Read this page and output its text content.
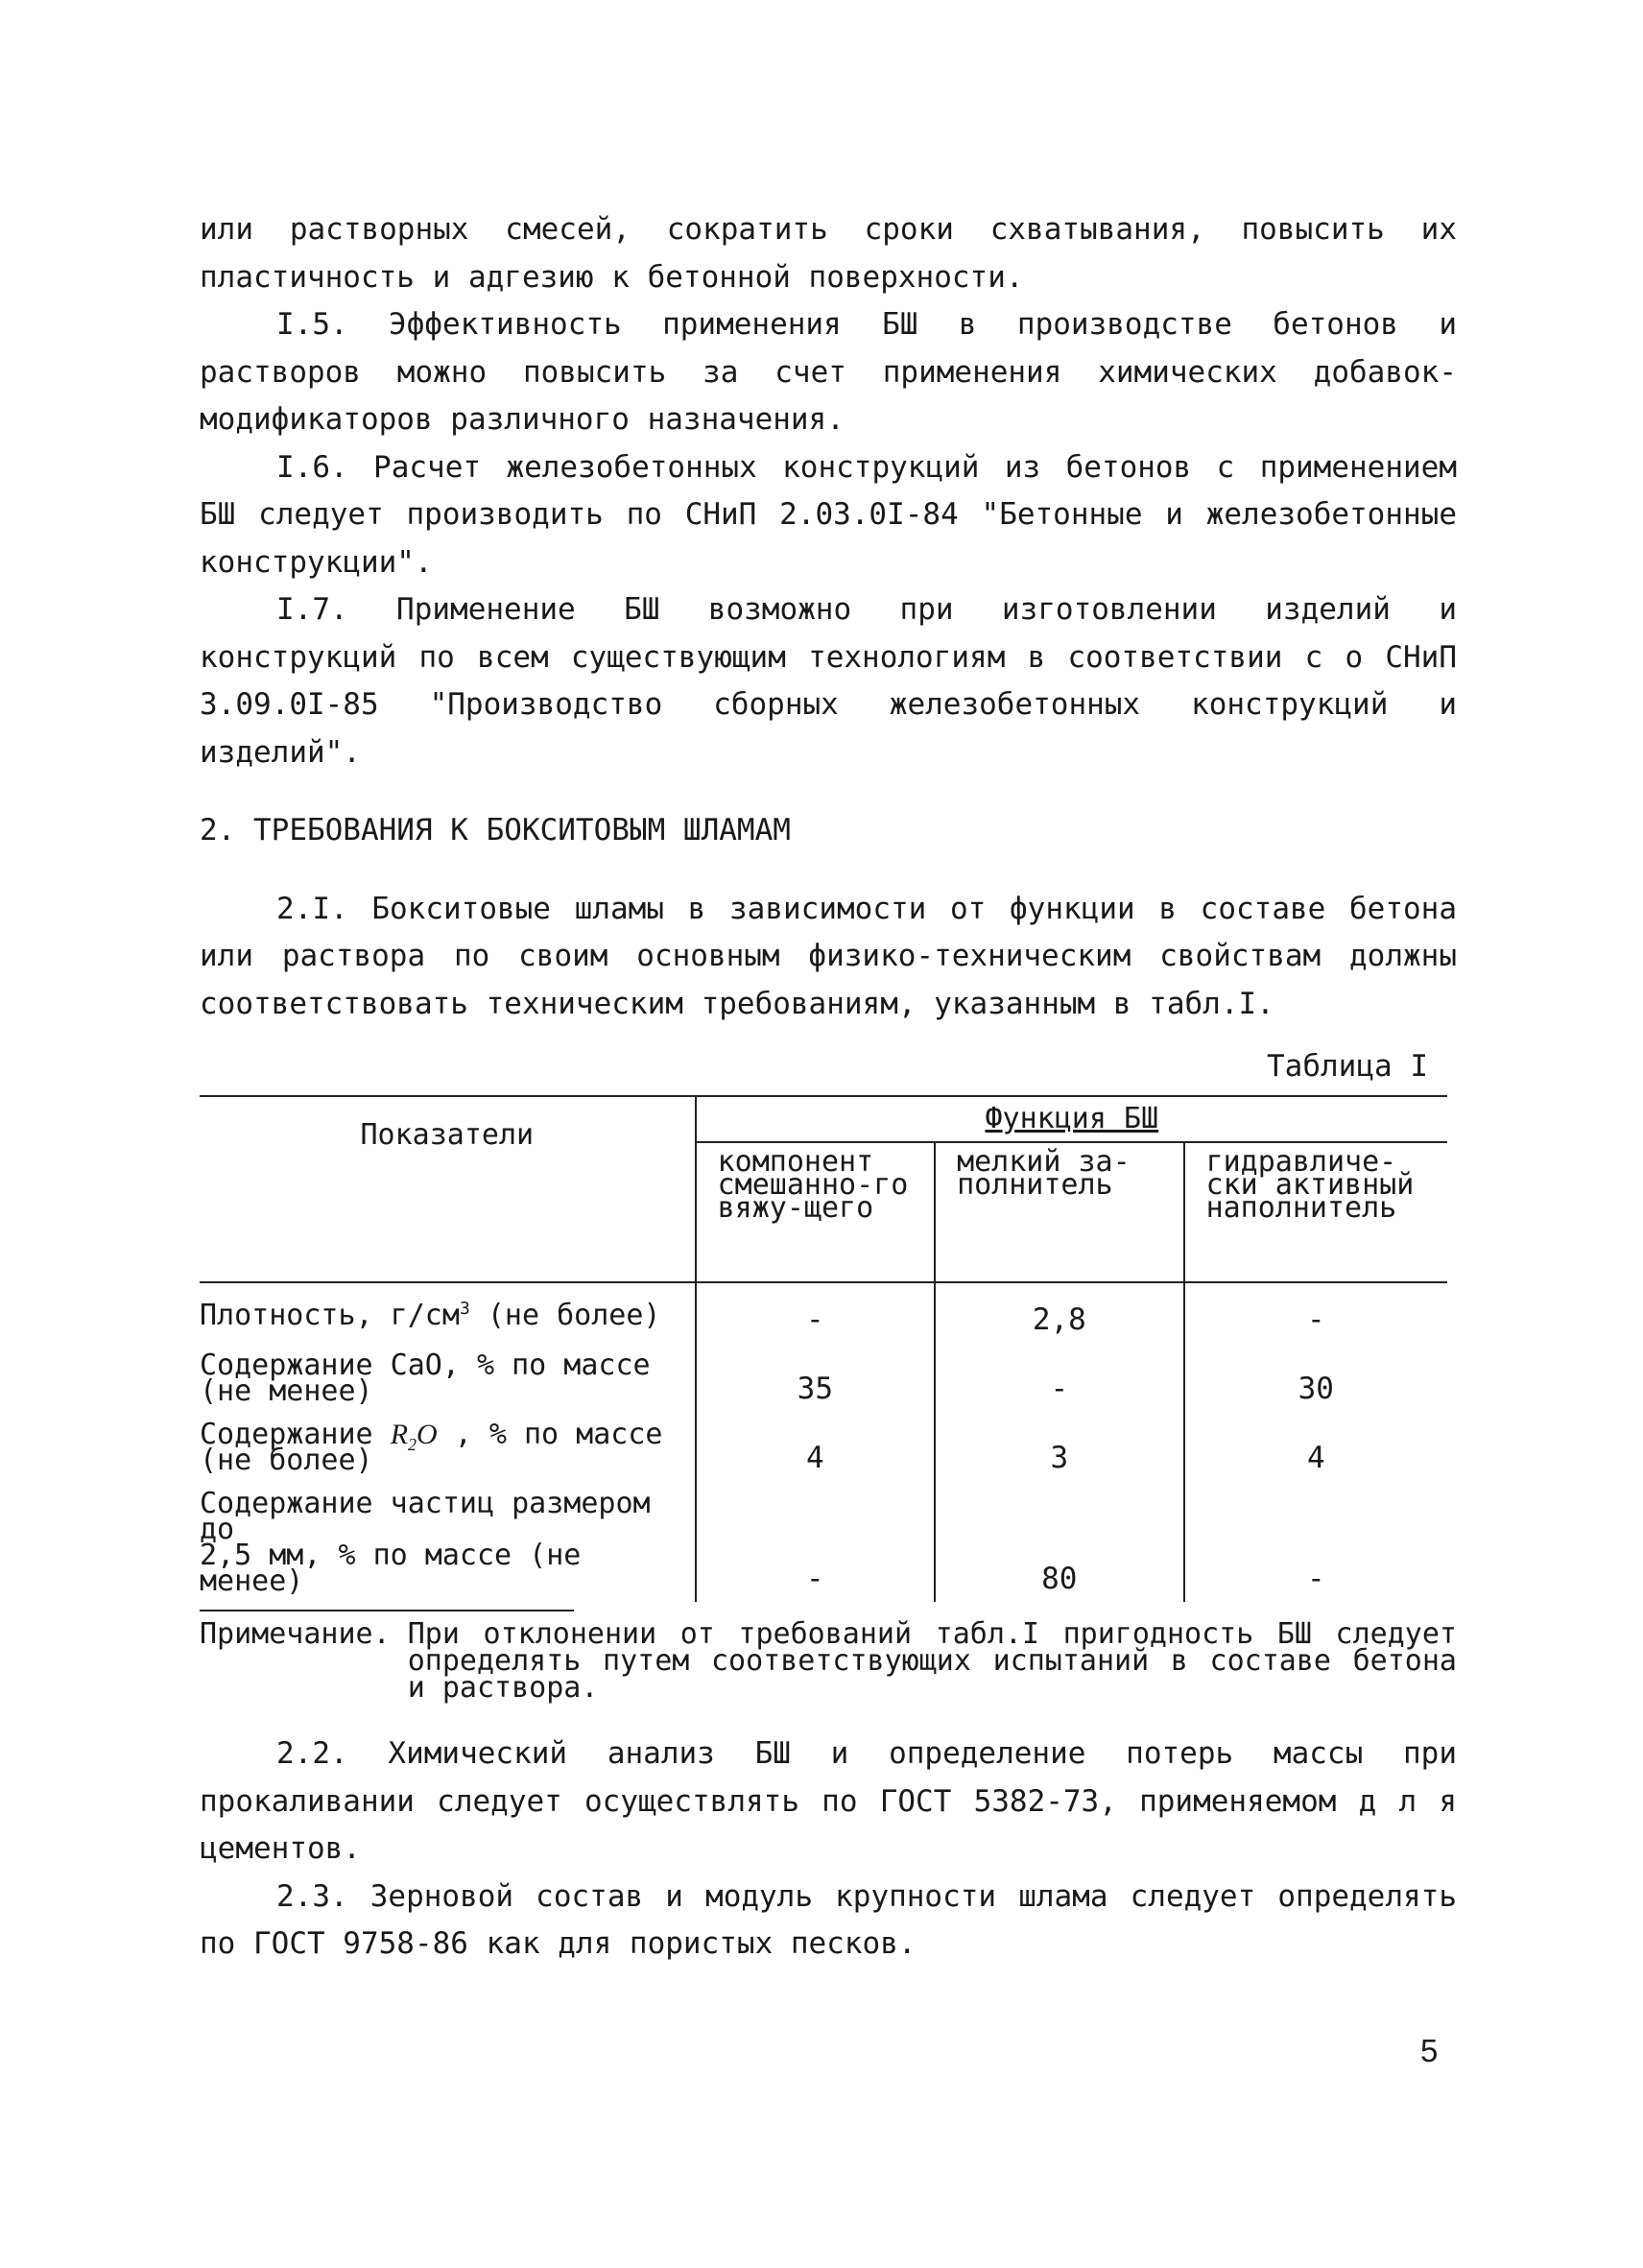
или растворных смесей, сократить сроки схватывания, повысить их пластичность и адгезию к бетонной поверхности.

I.5. Эффективность применения БШ в производстве бетонов и растворов можно повысить за счет применения химических добавок-модификаторов различного назначения.

I.6. Расчет железобетонных конструкций из бетонов с применением БШ следует производить по СНиП 2.03.0I-84 "Бетонные и железобетонные конструкции".

I.7. Применение БШ возможно при изготовлении изделий и конструкций по всем существующим технологиям в соответствии с о СНиП 3.09.0I-85 "Производство сборных железобетонных конструкций и изделий".

2. ТРЕБОВАНИЯ К БОКСИТОВЫМ ШЛАМАМ

2.I. Бокситовые шламы в зависимости от функции в составе бетона или раствора по своим основным физико-техническим свойствам должны соответствовать техническим требованиям, указанным в табл.I.

Таблица I
Показатели	Функция БШ		
	компонент смешанно-го вяжу-щего	мелкий за-полнитель	гидравличе-ски активный наполнитель
Плотность, $г/см^3$ (не более)	-	2,8	-
Содержание СаО, % по массе
(не менее)	35	-	30
Содержание $R_2O$ , % по массе
(не более)	4	3	4
Содержание частиц размером до
2,5 мм, % по массе (не менее)	-	80	-
Примечание.
При отклонении от требований табл.I пригодность БШ следует определять путем соответствующих испытаний в составе бетона и раствора.

2.2. Химический анализ БШ и определение потерь массы при прокаливании следует осуществлять по ГОСТ 5382-73, применяемом д л я цементов.

2.3. Зерновой состав и модуль крупности шлама следует определять по ГОСТ 9758-86 как для пористых песков.

5
